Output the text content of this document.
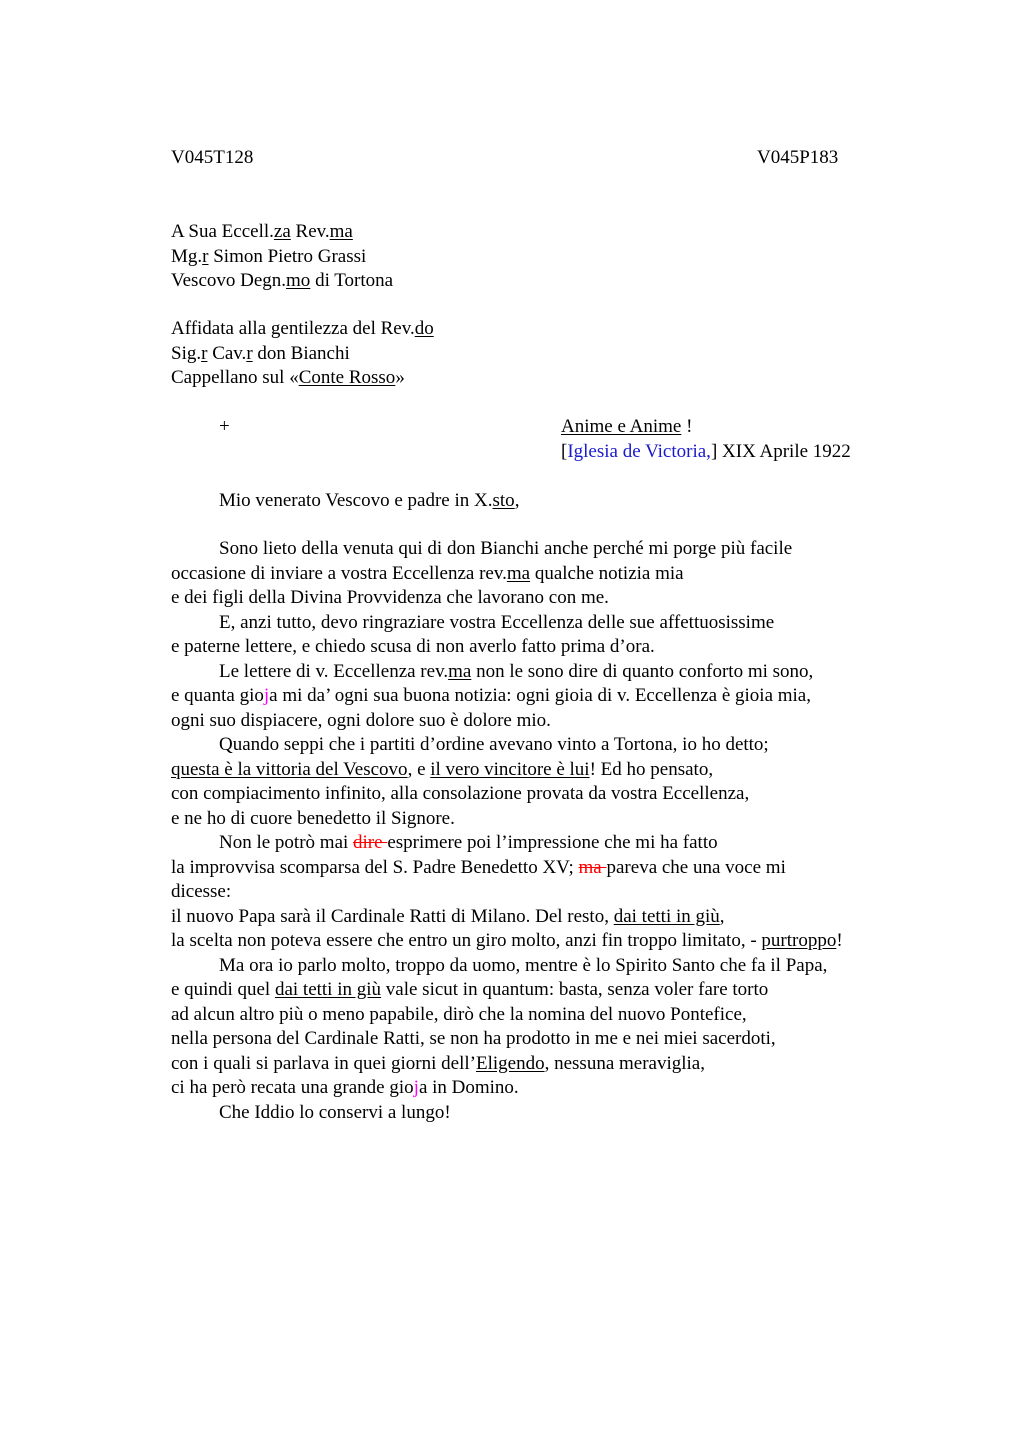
V045T128	V045P183
A Sua Eccell.za Rev.ma
Mg.r Simon Pietro Grassi
Vescovo Degn.mo di Tortona
Affidata alla gentilezza del Rev.do
Sig.r Cav.r don Bianchi
Cappellano sul «Conte Rosso»
+	Anime e Anime !
[Iglesia de Victoria,] XIX Aprile 1922
Mio venerato Vescovo e padre in X.sto,
Sono lieto della venuta qui di don Bianchi anche perché mi porge più facile
occasione di inviare a vostra Eccellenza rev.ma qualche notizia mia
e dei figli della Divina Provvidenza che lavorano con me.
E, anzi tutto, devo ringraziare vostra Eccellenza delle sue affettuosissime
e paterne lettere, e chiedo scusa di non averlo fatto prima d’ora.
Le lettere di v. Eccellenza rev.ma non le sono dire di quanto conforto mi sono,
e quanta gioja mi da’ ogni sua buona notizia: ogni gioia di v. Eccellenza è gioia mia,
ogni suo dispiacere, ogni dolore suo è dolore mio.
Quando seppi che i partiti d’ordine avevano vinto a Tortona, io ho detto;
questa è la vittoria del Vescovo, e il vero vincitore è lui! Ed ho pensato,
con compiacimento infinito, alla consolazione provata da vostra Eccellenza,
e ne ho di cuore benedetto il Signore.
Non le potrò mai dire esprimere poi l’impressione che mi ha fatto
la improvvisa scomparsa del S. Padre Benedetto XV; ma pareva che una voce mi
dicesse:
il nuovo Papa sarà il Cardinale Ratti di Milano. Del resto, dai tetti in giù,
la scelta non poteva essere che entro un giro molto, anzi fin troppo limitato, - purtroppo!
Ma ora io parlo molto, troppo da uomo, mentre è lo Spirito Santo che fa il Papa,
e quindi quel dai tetti in giù vale sicut in quantum: basta, senza voler fare torto
ad alcun altro più o meno papabile, dirò che la nomina del nuovo Pontefice,
nella persona del Cardinale Ratti, se non ha prodotto in me e nei miei sacerdoti,
con i quali si parlava in quei giorni dell’Eligendo, nessuna meraviglia,
ci ha però recata una grande gioja in Domino.
Che Iddio lo conservi a lungo!
